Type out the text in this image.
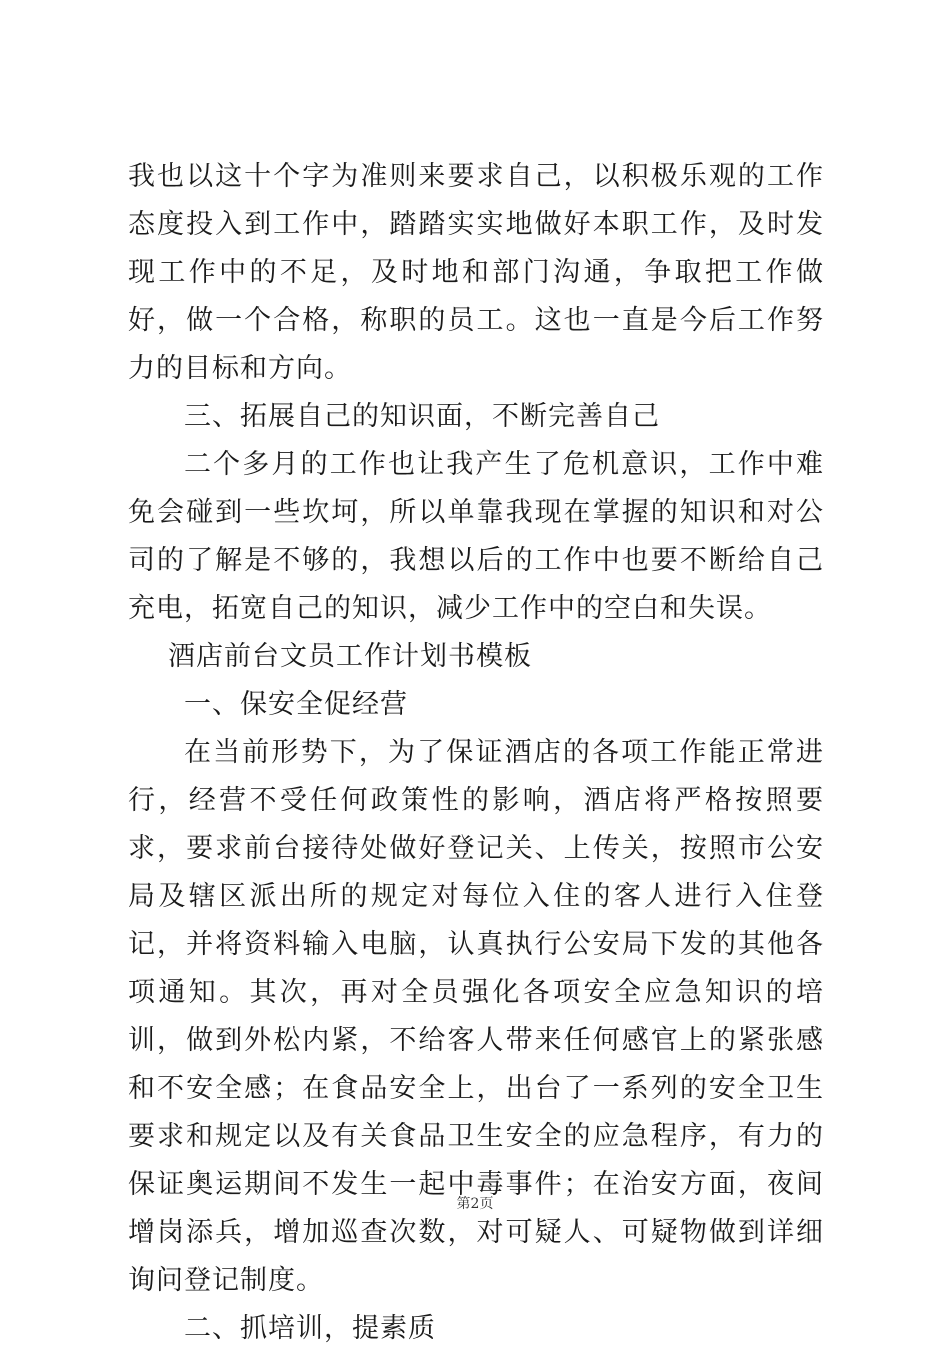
我也以这十个字为准则来要求自己，以积极乐观的工作态度投入到工作中，踏踏实实地做好本职工作，及时发现工作中的不足，及时地和部门沟通，争取把工作做好，做一个合格，称职的员工。这也一直是今后工作努力的目标和方向。

三、拓展自己的知识面，不断完善自己

二个多月的工作也让我产生了危机意识，工作中难免会碰到一些坎坷，所以单靠我现在掌握的知识和对公司的了解是不够的，我想以后的工作中也要不断给自己充电，拓宽自己的知识，减少工作中的空白和失误。

酒店前台文员工作计划书模板

一、保安全促经营

在当前形势下，为了保证酒店的各项工作能正常进行，经营不受任何政策性的影响，酒店将严格按照要求，要求前台接待处做好登记关、上传关，按照市公安局及辖区派出所的规定对每位入住的客人进行入住登记，并将资料输入电脑，认真执行公安局下发的其他各项通知。其次，再对全员强化各项安全应急知识的培训，做到外松内紧，不给客人带来任何感官上的紧张感和不安全感；在食品安全上，出台了一系列的安全卫生要求和规定以及有关食品卫生安全的应急程序，有力的保证奥运期间不发生一起中毒事件；在治安方面，夜间增岗添兵，增加巡查次数，对可疑人、可疑物做到详细询问登记制度。

二、抓培训，提素质

第2页
